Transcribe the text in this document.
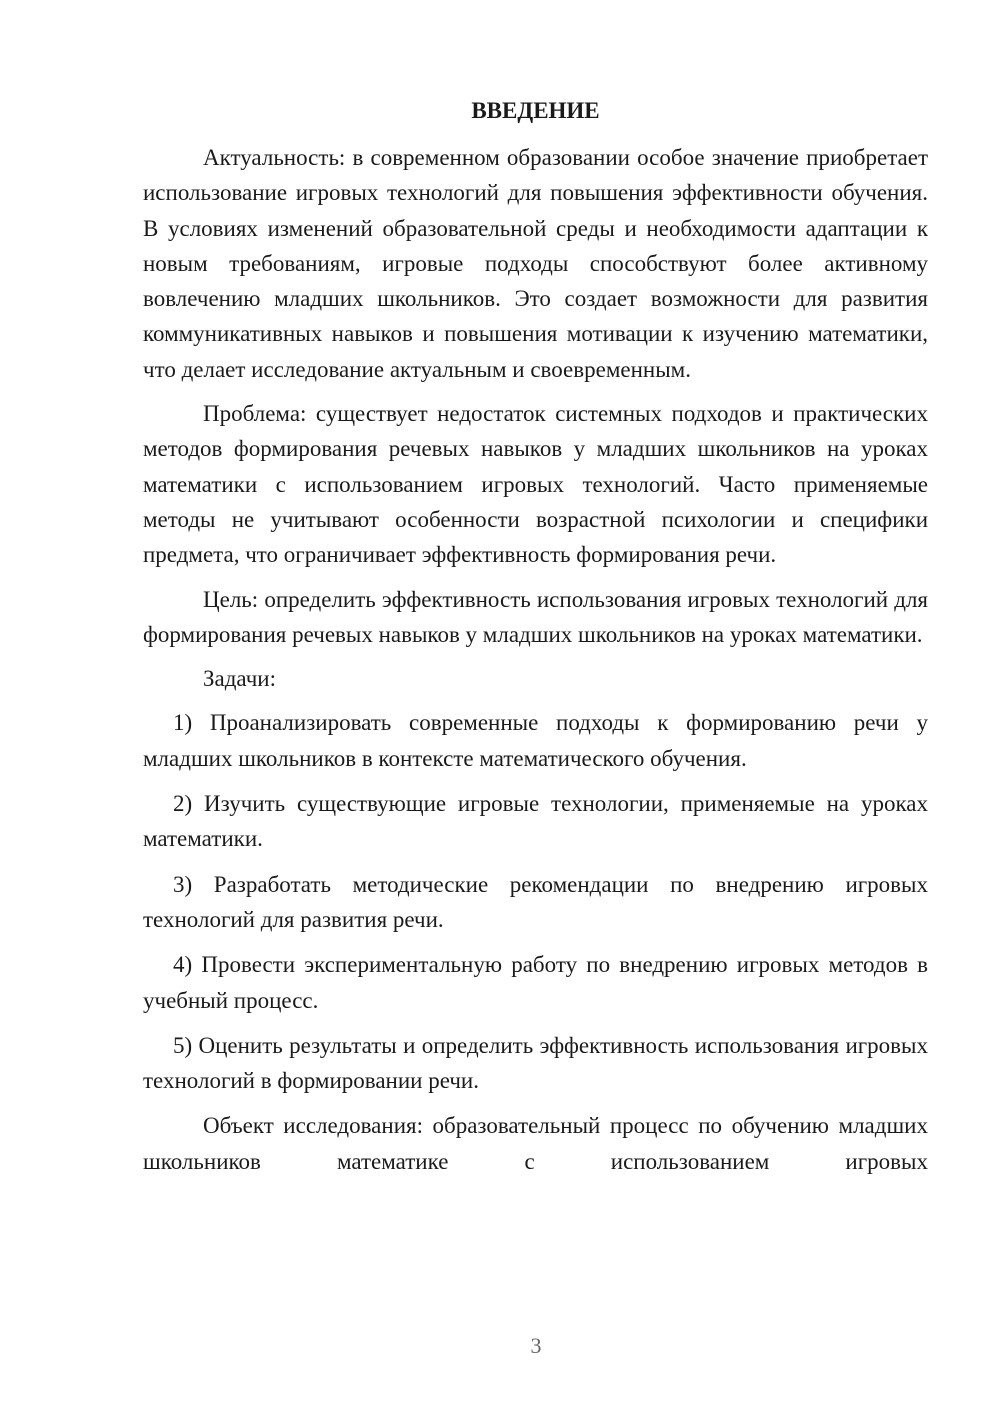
ВВЕДЕНИЕ

Актуальность: в современном образовании особое значение приобретает использование игровых технологий для повышения эффективности обучения. В условиях изменений образовательной среды и необходимости адаптации к новым требованиям, игровые подходы способствуют более активному вовлечению младших школьников. Это создает возможности для развития коммуникативных навыков и повышения мотивации к изучению математики, что делает исследование актуальным и своевременным.

Проблема: существует недостаток системных подходов и практических методов формирования речевых навыков у младших школьников на уроках математики с использованием игровых технологий. Часто применяемые методы не учитывают особенности возрастной психологии и специфики предмета, что ограничивает эффективность формирования речи.

Цель: определить эффективность использования игровых технологий для формирования речевых навыков у младших школьников на уроках математики.

Задачи:

1) Проанализировать современные подходы к формированию речи у младших школьников в контексте математического обучения.

2) Изучить существующие игровые технологии, применяемые на уроках математики.

3) Разработать методические рекомендации по внедрению игровых технологий для развития речи.

4) Провести экспериментальную работу по внедрению игровых методов в учебный процесс.

5) Оценить результаты и определить эффективность использования игровых технологий в формировании речи.

Объект исследования: образовательный процесс по обучению младших школьников математике с использованием игровых

3
